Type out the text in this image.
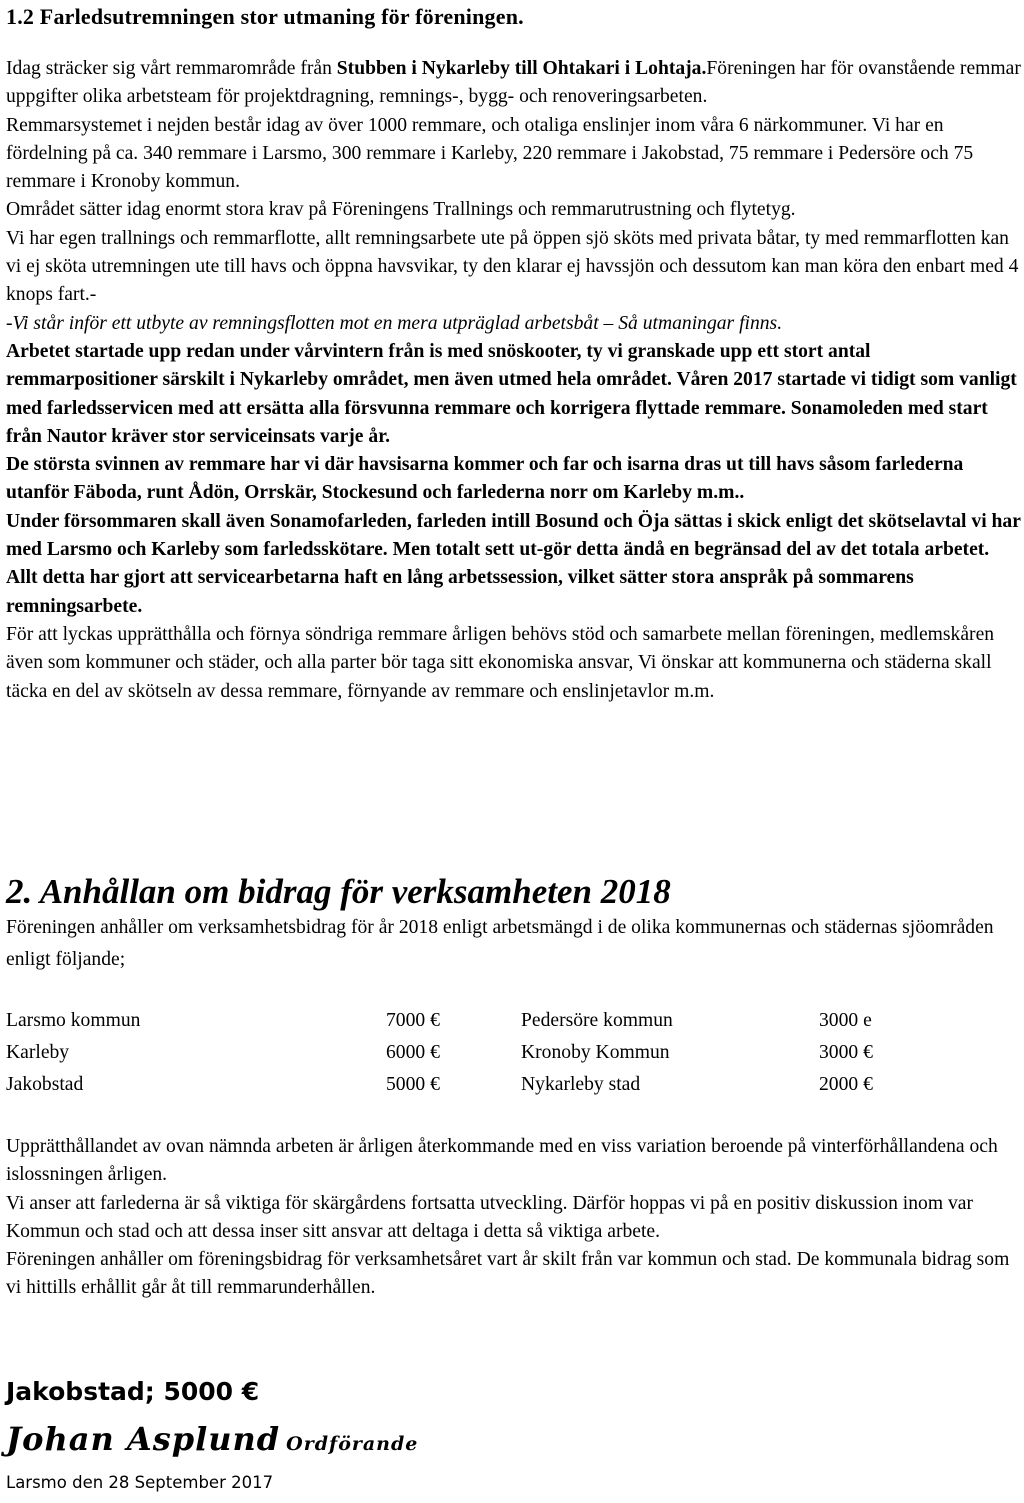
1.2 Farledsutremningen stor utmaning för föreningen.

Idag sträcker sig vårt remmarområde från Stubben i Nykarleby till Ohtakari i Lohtaja.Föreningen har för ovanstående remmar uppgifter olika arbetsteam för projektdragning, remnings-, bygg- och renoveringsarbeten.

Remmarsystemet i nejden består idag av över 1000 remmare, och otaliga enslinjer inom våra 6 närkommuner. Vi har en fördelning på ca. 340 remmare i Larsmo, 300 remmare i Karleby, 220 remmare i Jakobstad, 75 remmare i Pedersöre och 75 remmare i Kronoby kommun.

Området sätter idag enormt stora krav på Föreningens Trallnings och remmarutrustning och flytetyg.

Vi har egen trallnings och remmarflotte, allt remningsarbete ute på öppen sjö sköts med privata båtar, ty med remmarflotten kan vi ej sköta utremningen ute till havs och öppna havsvikar, ty den klarar ej havssjön och dessutom kan man köra den enbart med 4 knops fart.-

-Vi står inför ett utbyte av remningsflotten mot en mera utpräglad arbetsbåt – Så utmaningar finns.

Arbetet startade upp redan under vårvintern från is med snöskooter, ty vi granskade upp ett stort antal remmarpositioner särskilt i Nykarleby området, men även utmed hela området. Våren 2017 startade vi tidigt som vanligt med farledsservicen med att ersätta alla försvunna remmare och korrigera flyttade remmare. Sonamoleden med start från Nautor kräver stor serviceinsats varje år.

De största svinnen av remmare har vi där havsisarna kommer och far och isarna dras ut till havs såsom farlederna utanför Fäboda, runt Ådön, Orrskär, Stockesund och farlederna norr om Karleby m.m..

Under försommaren skall även Sonamofarleden, farleden intill Bosund och Öja sättas i skick enligt det skötselavtal vi har med Larsmo och Karleby som farledsskötare. Men totalt sett ut-gör detta ändå en begränsad del av det totala arbetet. Allt detta har gjort att servicearbetarna haft en lång arbetssession, vilket sätter stora anspråk på sommarens remningsarbete.

För att lyckas upprätthålla och förnya söndriga remmare årligen behövs stöd och samarbete mellan föreningen, medlemskåren även som kommuner och städer, och alla parter bör taga sitt ekonomiska ansvar, Vi önskar att kommunerna och städerna skall täcka en del av skötseln av dessa remmare, förnyande av remmare och enslinjetavlor m.m.

2. Anhållan om bidrag för verksamheten 2018

Föreningen anhåller om verksamhetsbidrag för år 2018 enligt arbetsmängd i de olika kommunernas och städernas sjöområden enligt följande;

Larsmo kommun	7000 €	Pedersöre kommun	3000 e
Karleby	6000 €	Kronoby Kommun	3000 €
Jakobstad	5000 €	Nykarleby stad	2000 €

Upprätthållandet av ovan nämnda arbeten är årligen återkommande med en viss variation beroende på vinterförhållandena och islossningen årligen.

Vi anser att farlederna är så viktiga för skärgårdens fortsatta utveckling. Därför hoppas vi på en positiv diskussion inom var Kommun och stad och att dessa inser sitt ansvar att deltaga i detta så viktiga arbete.

Föreningen anhåller om föreningsbidrag för verksamhetsåret vart år skilt från var kommun och stad. De kommunala bidrag som vi hittills erhållit går åt till remmarunderhållen.

Jakobstad; 5000 €
Johan Asplund Ordförande
Larsmo den 28 September 2017
